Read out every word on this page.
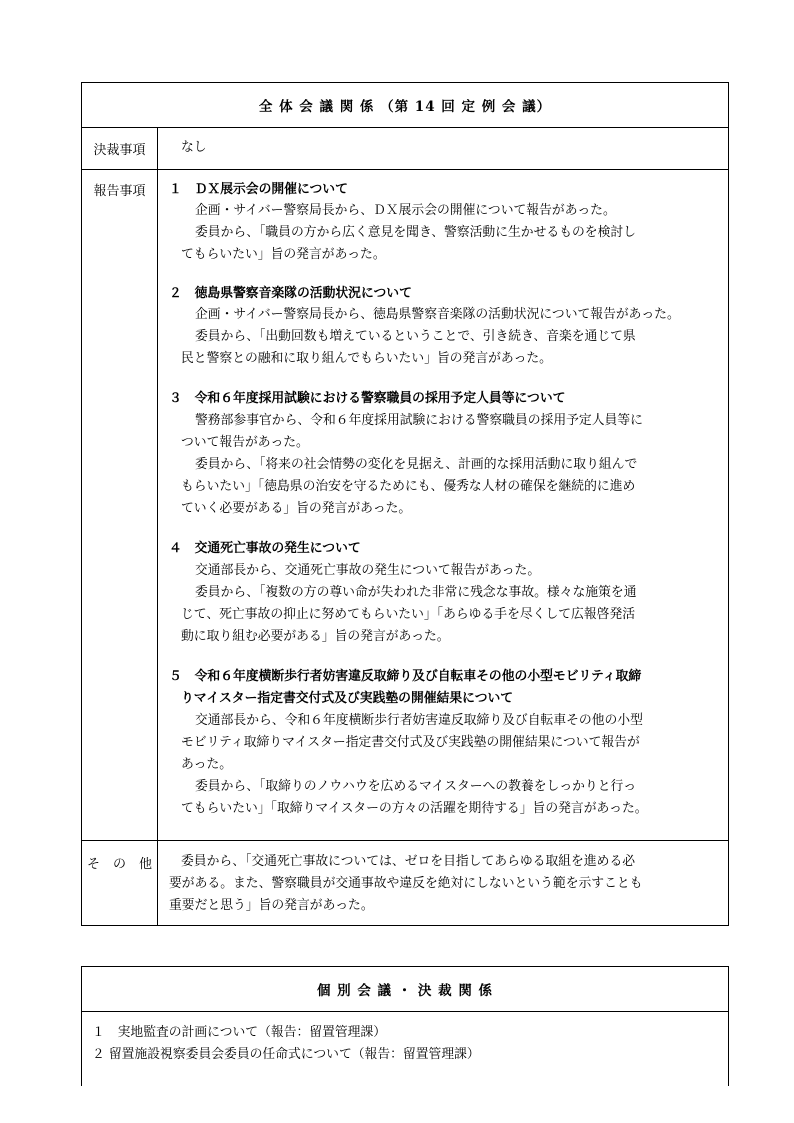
全 体 会 議 関 係 （第 14 回 定 例 会 議）
決裁事項	なし
報告事項	１　ＤＸ展示会の開催について
企画・サイバー警察局長から、ＤＸ展示会の開催について報告があった。
委員から、「職員の方から広く意見を聞き、警察活動に生かせるものを検討し
てもらいたい」旨の発言があった。
２　徳島県警察音楽隊の活動状況について
企画・サイバー警察局長から、徳島県警察音楽隊の活動状況について報告があった。
委員から、「出動回数も増えているということで、引き続き、音楽を通じて県
民と警察との融和に取り組んでもらいたい」旨の発言があった。
３　令和６年度採用試験における警察職員の採用予定人員等について
警務部参事官から、令和６年度採用試験における警察職員の採用予定人員等に
ついて報告があった。
委員から、「将来の社会情勢の変化を見据え、計画的な採用活動に取り組んで
もらいたい」「徳島県の治安を守るためにも、優秀な人材の確保を継続的に進め
ていく必要がある」旨の発言があった。
４　交通死亡事故の発生について
交通部長から、交通死亡事故の発生について報告があった。
委員から、「複数の方の尊い命が失われた非常に残念な事故。様々な施策を通
じて、死亡事故の抑止に努めてもらいたい」「あらゆる手を尽くして広報啓発活
動に取り組む必要がある」旨の発言があった。
５　令和６年度横断歩行者妨害違反取締り及び自転車その他の小型モビリティ取締
りマイスター指定書交付式及び実践塾の開催結果について
交通部長から、令和６年度横断歩行者妨害違反取締り及び自転車その他の小型
モビリティ取締りマイスター指定書交付式及び実践塾の開催結果について報告が
あった。
委員から、「取締りのノウハウを広めるマイスターへの教養をしっかりと行っ
てもらいたい」「取締りマイスターの方々の活躍を期待する」旨の発言があった。
そ　の　他	委員から、「交通死亡事故については、ゼロを目指してあらゆる取組を進める必
要がある。また、警察職員が交通事故や違反を絶対にしないという範を示すことも
重要だと思う」旨の発言があった。
個 別 会 議 ・ 決 裁 関 係
１　実地監査の計画について（報告：留置管理課）
２ 留置施設視察委員会委員の任命式について（報告：留置管理課）
